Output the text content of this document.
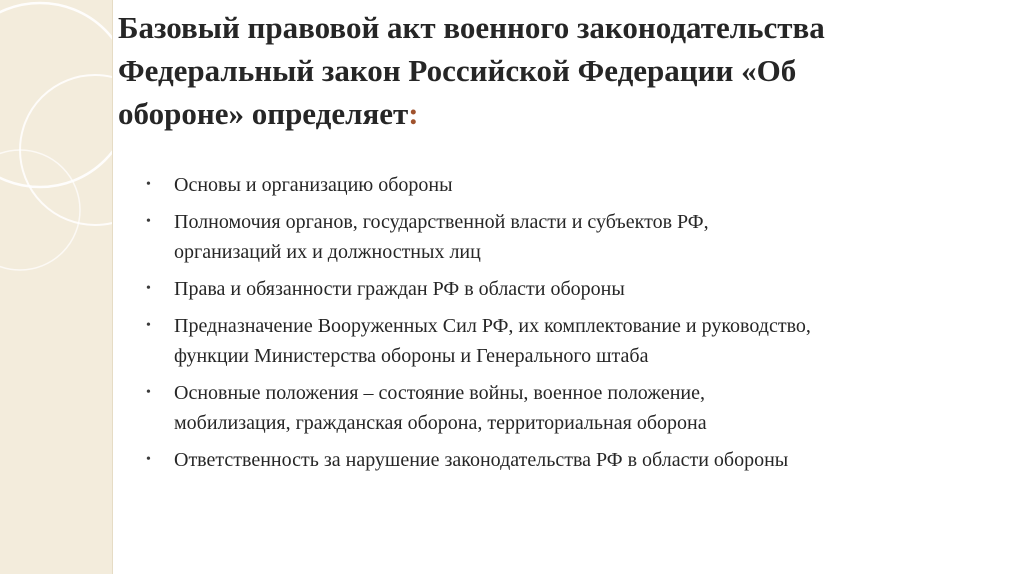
Базовый правовой акт военного законодательства
Федеральный закон Российской Федерации «Об
обороне» определяет:
• Основы и организацию обороны
• Полномочия органов, государственной власти и субъектов РФ,
организаций их и должностных лиц
• Права и обязанности граждан РФ в области обороны
• Предназначение Вооруженных Сил РФ, их комплектование и руководство,
функции Министерства обороны и Генерального штаба
• Основные положения – состояние войны, военное положение,
мобилизация, гражданская оборона, территориальная оборона
• Ответственность за нарушение законодательства РФ в области обороны
